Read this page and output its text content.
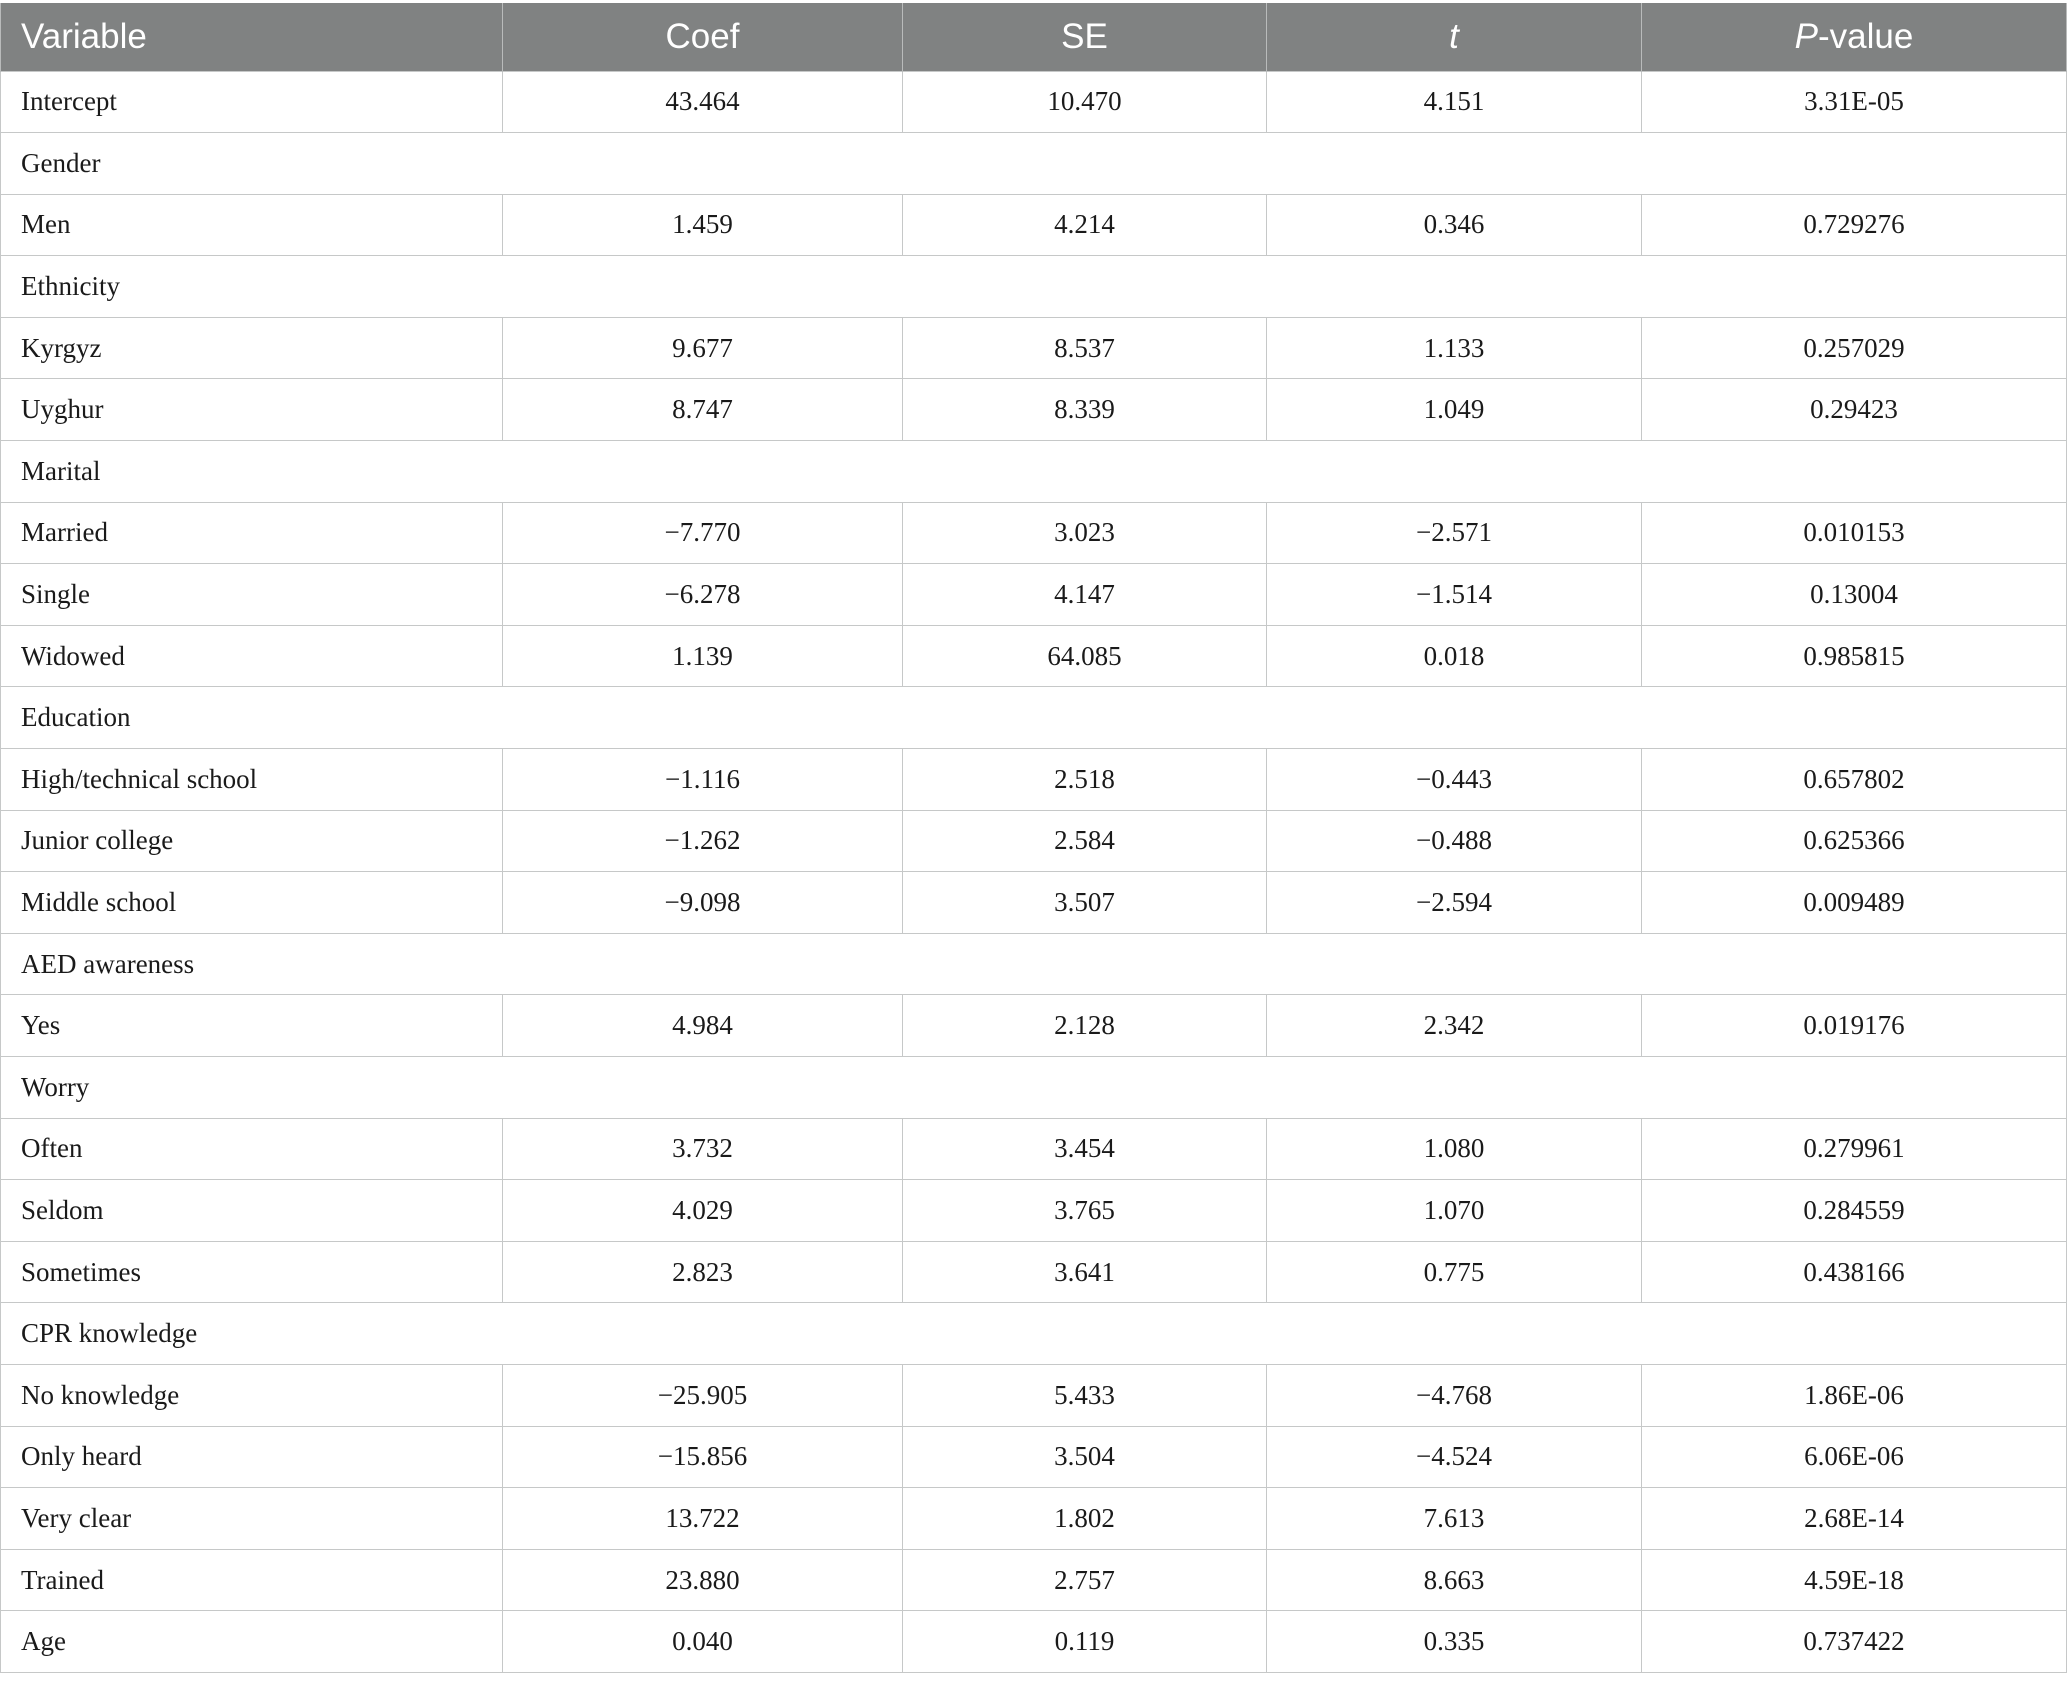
Variable	Coef	SE	t	P-value
Intercept	43.464	10.470	4.151	3.31E-05
Gender				
Men	1.459	4.214	0.346	0.729276
Ethnicity				
Kyrgyz	9.677	8.537	1.133	0.257029
Uyghur	8.747	8.339	1.049	0.29423
Marital				
Married	−7.770	3.023	−2.571	0.010153
Single	−6.278	4.147	−1.514	0.13004
Widowed	1.139	64.085	0.018	0.985815
Education				
High/technical school	−1.116	2.518	−0.443	0.657802
Junior college	−1.262	2.584	−0.488	0.625366
Middle school	−9.098	3.507	−2.594	0.009489
AED awareness				
Yes	4.984	2.128	2.342	0.019176
Worry				
Often	3.732	3.454	1.080	0.279961
Seldom	4.029	3.765	1.070	0.284559
Sometimes	2.823	3.641	0.775	0.438166
CPR knowledge				
No knowledge	−25.905	5.433	−4.768	1.86E-06
Only heard	−15.856	3.504	−4.524	6.06E-06
Very clear	13.722	1.802	7.613	2.68E-14
Trained	23.880	2.757	8.663	4.59E-18
Age	0.040	0.119	0.335	0.737422
